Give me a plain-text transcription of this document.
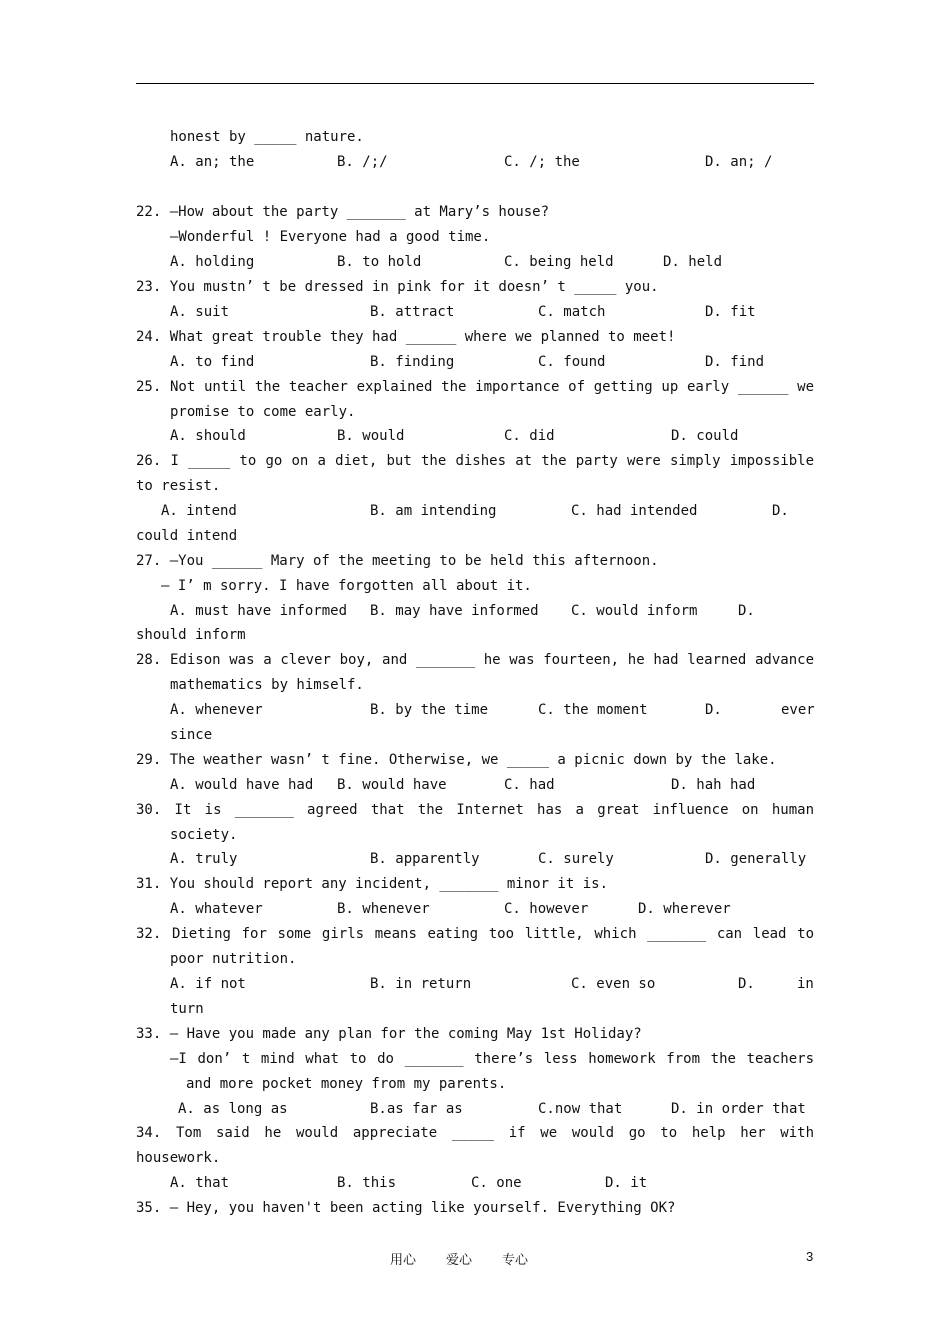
honest by _____ nature.
A. an; the	B. /;/	C. /; the	D. an; /
22. —How about the party _______ at Mary’s house?
—Wonderful ! Everyone had a good time.
A. holding	B. to hold	C. being held	D. held
23. You mustn’ t be dressed in pink for it doesn’ t _____ you.
A. suit	B. attract	C. match	D. fit
24. What great trouble they had ______ where we planned to meet!
A. to find	B. finding	C. found	D. find
25. Not until the teacher explained the importance of getting up early ______ we
promise to come early.
A. should	B. would	C. did	D. could
26. I _____ to go on a diet, but the dishes at the party were simply impossible
to resist.
A. intend	B. am intending	C. had intended	D.
could intend
27. —You ______ Mary of the meeting to be held this afternoon.
— I’ m sorry. I have forgotten all about it.
A. must have informed B. may have informed C. would inform	D.
should inform
28. Edison was a clever boy, and _______ he was fourteen, he had learned advance
mathematics by himself.
A. whenever	B. by the time	C. the moment	D.	ever
since
29. The weather wasn’ t fine. Otherwise, we _____ a picnic down by the lake.
A. would have had B. would have	C. had	D. hah had
30. It is _______ agreed that the Internet has a great influence on human
society.
A. truly	B. apparently	C. surely	D. generally
31. You should report any incident, _______ minor it is.
A. whatever	B. whenever	C. however	D. wherever
32. Dieting for some girls means eating too little, which _______ can lead to
poor nutrition.
A. if not	B. in return	C. even so	D.	in
turn
33. — Have you made any plan for the coming May 1st Holiday?
—I don’ t mind what to do _______ there’s less homework from the teachers
and more pocket money from my parents.
A. as long as	B.as far as	C.now that	D. in order that
34. Tom said he would appreciate _____ if we would go to help her with
housework.
A. that	B. this	C. one	D. it
35. — Hey, you haven't been acting like yourself. Everything OK?
用心 爱心 专心	3
